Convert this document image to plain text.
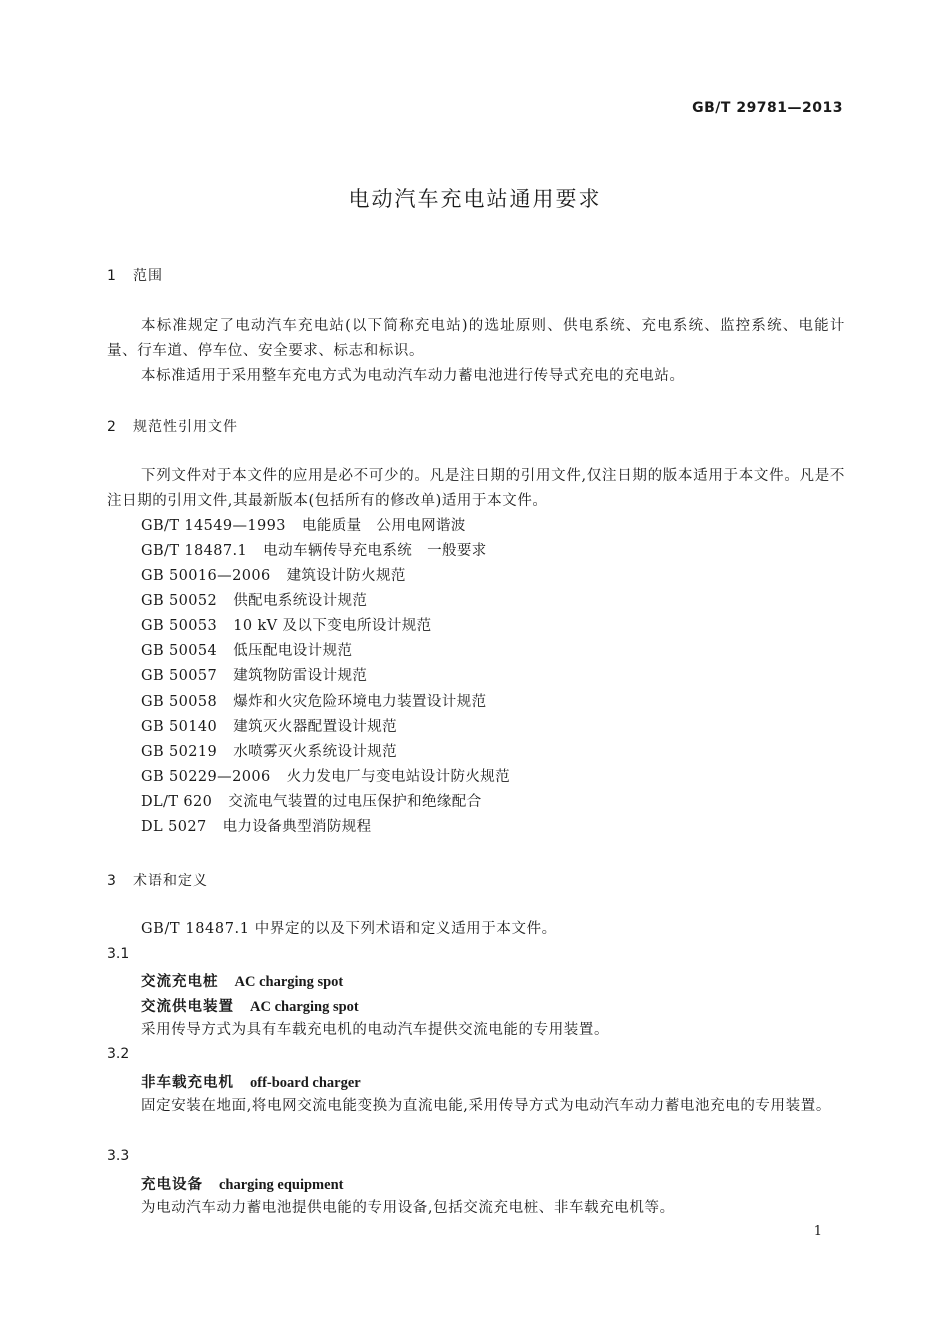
GB/T 29781—2013
电动汽车充电站通用要求
1 范围
本标准规定了电动汽车充电站(以下简称充电站)的选址原则、供电系统、充电系统、监控系统、电能计量、行车道、停车位、安全要求、标志和标识。
本标准适用于采用整车充电方式为电动汽车动力蓄电池进行传导式充电的充电站。
2 规范性引用文件
下列文件对于本文件的应用是必不可少的。凡是注日期的引用文件,仅注日期的版本适用于本文件。凡是不注日期的引用文件,其最新版本(包括所有的修改单)适用于本文件。
GB/T 14549—1993 电能质量　公用电网谐波
GB/T 18487.1 电动车辆传导充电系统　一般要求
GB 50016—2006 建筑设计防火规范
GB 50052 供配电系统设计规范
GB 50053 10 kV 及以下变电所设计规范
GB 50054 低压配电设计规范
GB 50057 建筑物防雷设计规范
GB 50058 爆炸和火灾危险环境电力装置设计规范
GB 50140 建筑灭火器配置设计规范
GB 50219 水喷雾灭火系统设计规范
GB 50229—2006 火力发电厂与变电站设计防火规范
DL/T 620 交流电气装置的过电压保护和绝缘配合
DL 5027 电力设备典型消防规程
3 术语和定义
GB/T 18487.1 中界定的以及下列术语和定义适用于本文件。
3.1
交流充电桩 AC charging spot
交流供电装置 AC charging spot
采用传导方式为具有车载充电机的电动汽车提供交流电能的专用装置。
3.2
非车载充电机 off-board charger
固定安装在地面,将电网交流电能变换为直流电能,采用传导方式为电动汽车动力蓄电池充电的专用装置。
3.3
充电设备 charging equipment
为电动汽车动力蓄电池提供电能的专用设备,包括交流充电桩、非车载充电机等。
1
